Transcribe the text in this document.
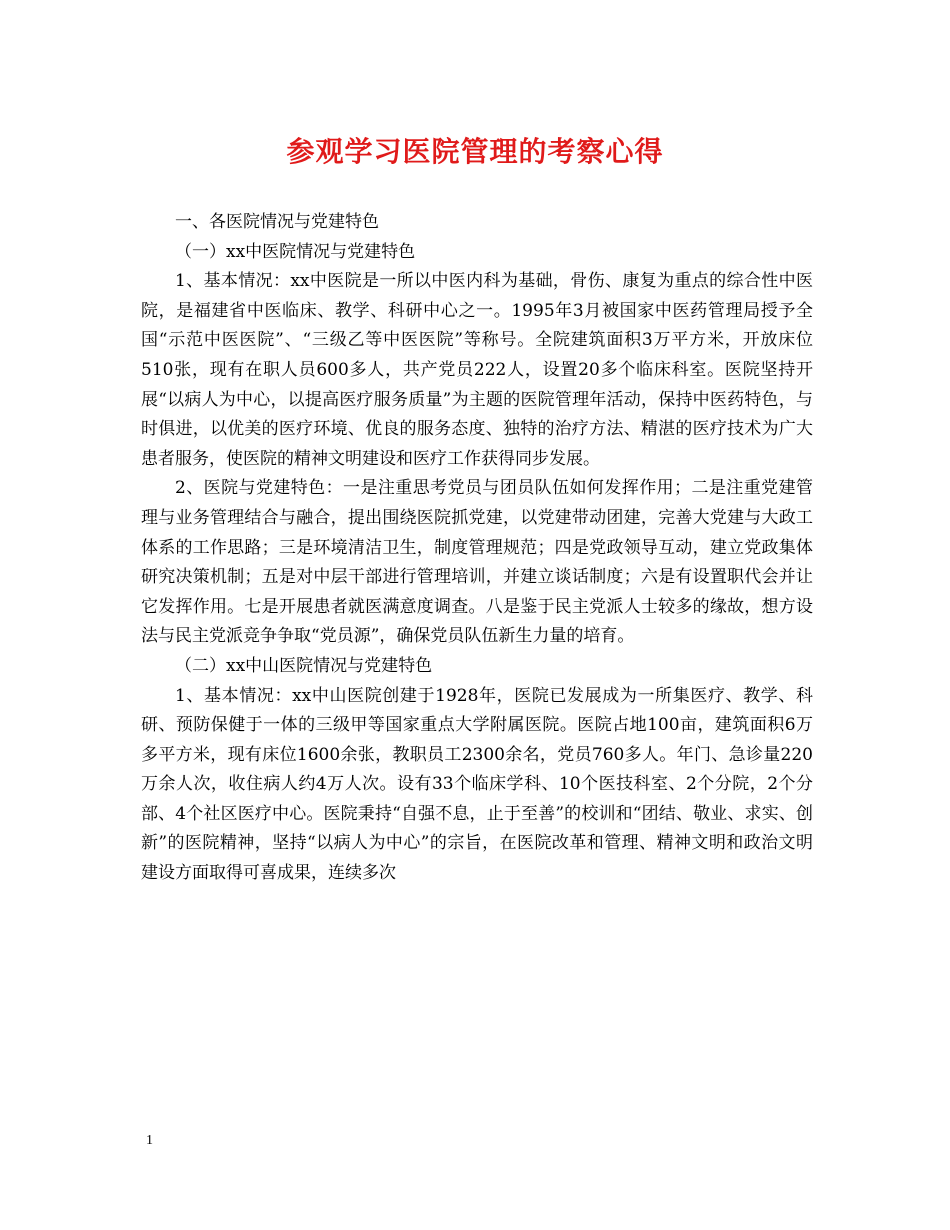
参观学习医院管理的考察心得

一、各医院情况与党建特色

（一）xx中医院情况与党建特色

1、基本情况：xx中医院是一所以中医内科为基础，骨伤、康复为重点的综合性中医院，是福建省中医临床、教学、科研中心之一。1995年3月被国家中医药管理局授予全国“示范中医医院”、“三级乙等中医医院”等称号。全院建筑面积3万平方米，开放床位510张，现有在职人员600多人，共产党员222人，设置20多个临床科室。医院坚持开展“以病人为中心，以提高医疗服务质量”为主题的医院管理年活动，保持中医药特色，与时俱进，以优美的医疗环境、优良的服务态度、独特的治疗方法、精湛的医疗技术为广大患者服务，使医院的精神文明建设和医疗工作获得同步发展。

2、医院与党建特色：一是注重思考党员与团员队伍如何发挥作用；二是注重党建管理与业务管理结合与融合，提出围绕医院抓党建，以党建带动团建，完善大党建与大政工体系的工作思路；三是环境清洁卫生，制度管理规范；四是党政领导互动，建立党政集体研究决策机制；五是对中层干部进行管理培训，并建立谈话制度；六是有设置职代会并让它发挥作用。七是开展患者就医满意度调查。八是鉴于民主党派人士较多的缘故，想方设法与民主党派竞争争取“党员源”，确保党员队伍新生力量的培育。

（二）xx中山医院情况与党建特色

1、基本情况：xx中山医院创建于1928年，医院已发展成为一所集医疗、教学、科研、预防保健于一体的三级甲等国家重点大学附属医院。医院占地100亩，建筑面积6万多平方米，现有床位1600余张，教职员工2300余名，党员760多人。年门、急诊量220万余人次，收住病人约4万人次。设有33个临床学科、10个医技科室、2个分院，2个分部、4个社区医疗中心。医院秉持“自强不息，止于至善”的校训和“团结、敬业、求实、创新”的医院精神，坚持“以病人为中心”的宗旨，在医院改革和管理、精神文明和政治文明建设方面取得可喜成果，连续多次

1
